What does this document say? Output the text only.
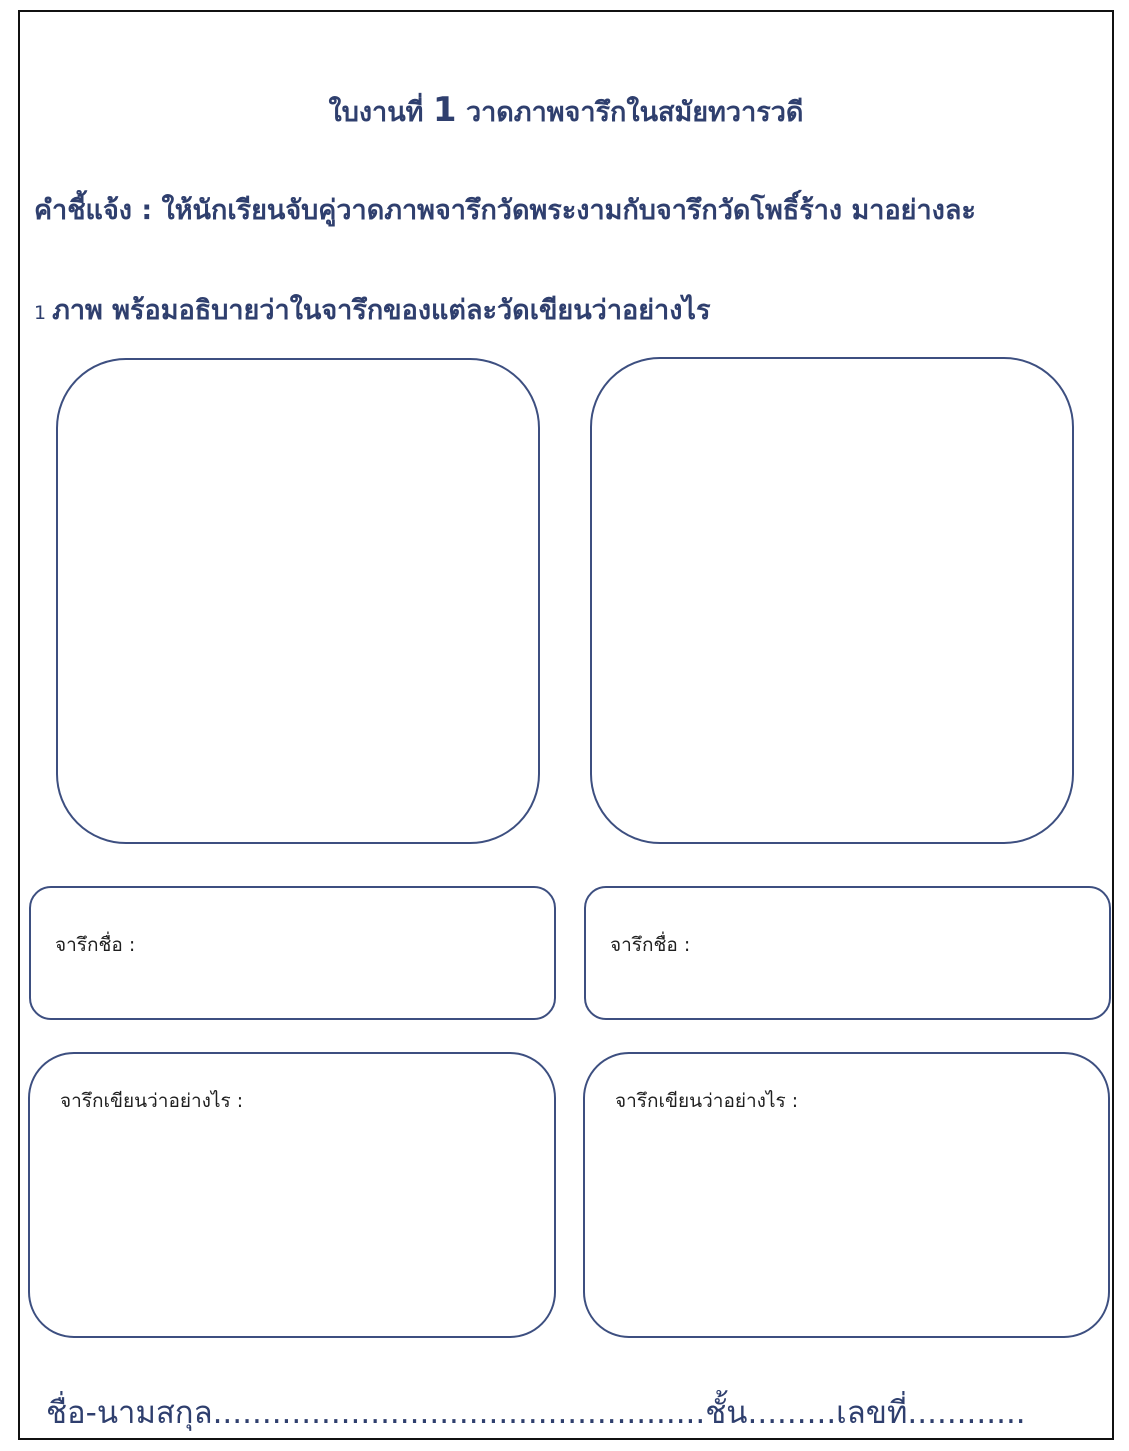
ใบงานที่ 1 วาดภาพจารึกในสมัยทวารวดี
คำชี้แจ้ง : ให้นักเรียนจับคู่วาดภาพจารึกวัดพระงามกับจารึกวัดโพธิ์ร้าง มาอย่างละ
1 ภาพ พร้อมอธิบายว่าในจารึกของแต่ละวัดเขียนว่าอย่างไร
จารึกชื่อ :	จารึกชื่อ :
จารึกเขียนว่าอย่างไร :	จารึกเขียนว่าอย่างไร :
ชื่อ-นามสกุล..................................................ชั้น.........เลขที่............
